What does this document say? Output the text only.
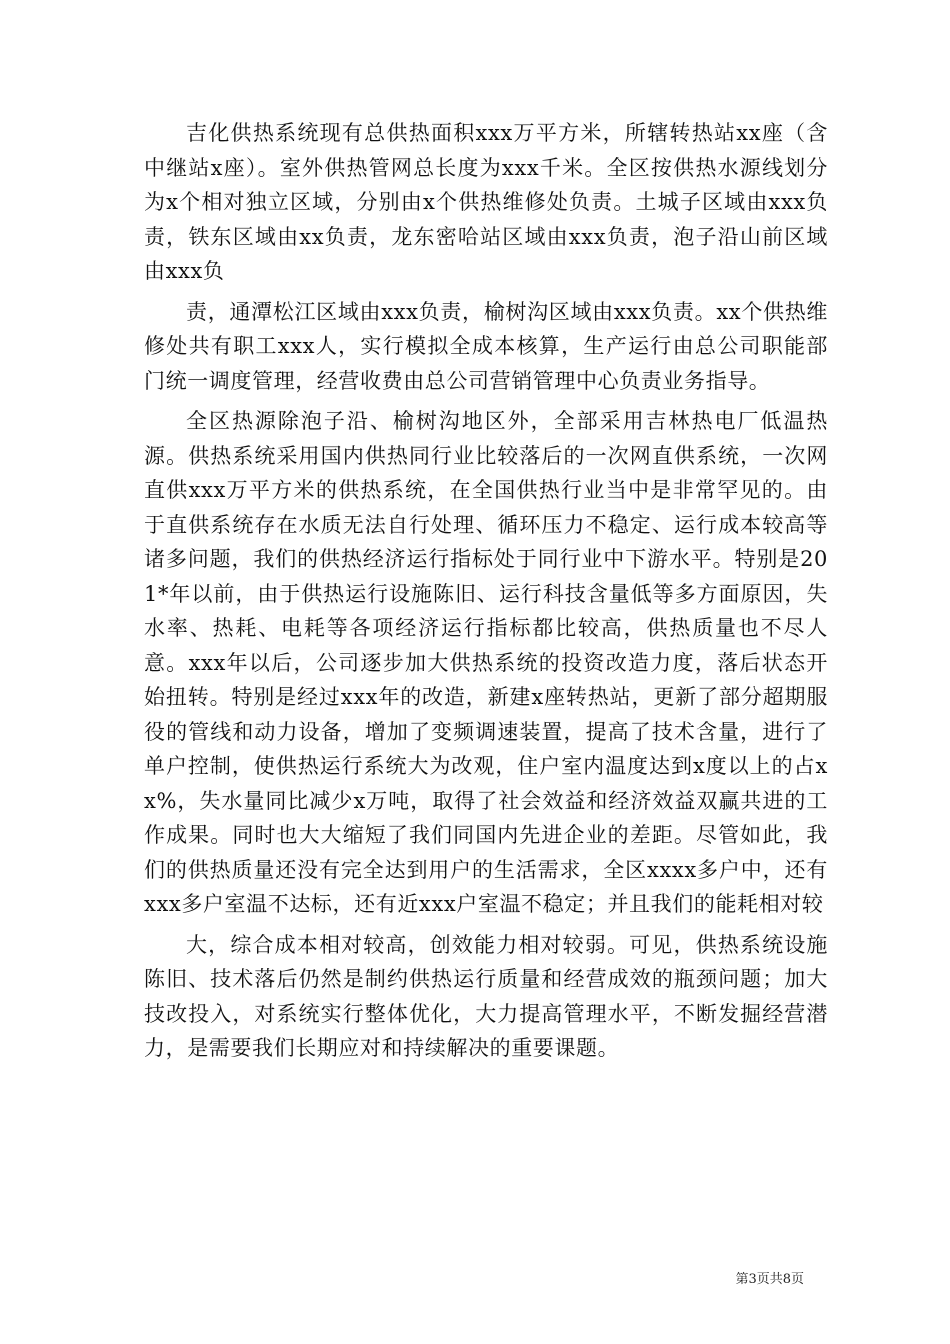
吉化供热系统现有总供热面积xxx万平方米，所辖转热站xx座（含中继站x座）。室外供热管网总长度为xxx千米。全区按供热水源线划分为x个相对独立区域，分别由x个供热维修处负责。土城子区域由xxx负责，铁东区域由xx负责，龙东密哈站区域由xxx负责，泡子沿山前区域由xxx负

责，通潭松江区域由xxx负责，榆树沟区域由xxx负责。xx个供热维修处共有职工xxx人，实行模拟全成本核算，生产运行由总公司职能部门统一调度管理，经营收费由总公司营销管理中心负责业务指导。

全区热源除泡子沿、榆树沟地区外，全部采用吉林热电厂低温热源。供热系统采用国内供热同行业比较落后的一次网直供系统，一次网直供xxx万平方米的供热系统，在全国供热行业当中是非常罕见的。由于直供系统存在水质无法自行处理、循环压力不稳定、运行成本较高等诸多问题，我们的供热经济运行指标处于同行业中下游水平。特别是201*年以前，由于供热运行设施陈旧、运行科技含量低等多方面原因，失水率、热耗、电耗等各项经济运行指标都比较高，供热质量也不尽人意。xxx年以后，公司逐步加大供热系统的投资改造力度，落后状态开始扭转。特别是经过xxx年的改造，新建x座转热站，更新了部分超期服役的管线和动力设备，增加了变频调速装置，提高了技术含量，进行了单户控制，使供热运行系统大为改观，住户室内温度达到x度以上的占xx%，失水量同比减少x万吨，取得了社会效益和经济效益双赢共进的工作成果。同时也大大缩短了我们同国内先进企业的差距。尽管如此，我们的供热质量还没有完全达到用户的生活需求，全区xxxx多户中，还有xxx多户室温不达标，还有近xxx户室温不稳定；并且我们的能耗相对较

大，综合成本相对较高，创效能力相对较弱。可见，供热系统设施陈旧、技术落后仍然是制约供热运行质量和经营成效的瓶颈问题；加大技改投入，对系统实行整体优化，大力提高管理水平，不断发掘经营潜力，是需要我们长期应对和持续解决的重要课题。

第3页共8页
